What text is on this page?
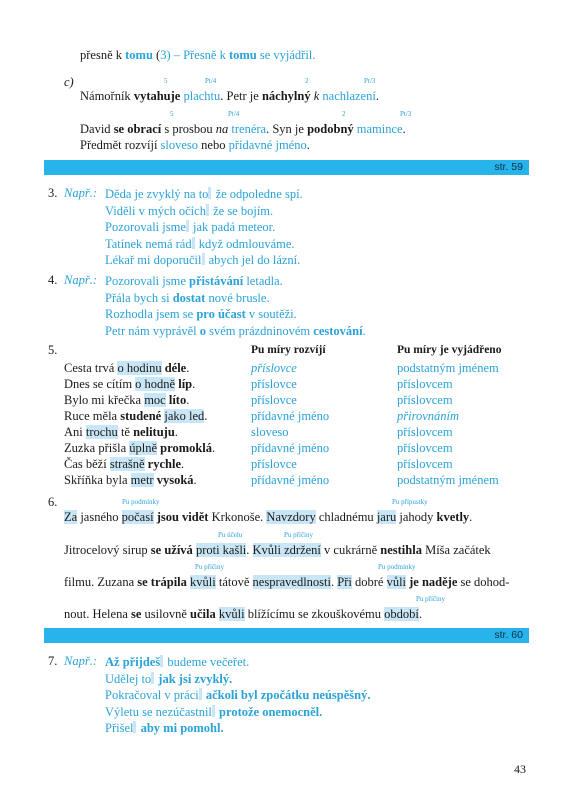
přesně k tomu (3) – Přesně k tomu se vyjádřil.
c)	5	Pt/4	2	Pt/3
Námořník vytahuje plachtu. Petr je náchylný k nachlazení.
5	Pt/4	2	Pt/3
David se obrací s prosbou na trenéra. Syn je podobný mamince.
Předmět rozvíjí sloveso nebo přídavné jméno.
str. 59
3. Např.: Děda je zvyklý na to že odpoledne spí.
Viděli v mých očích že se bojím.
Pozorovali jsme jak padá meteor.
Tatínek nemá rád když odmlouváme.
Lékař mi doporučil abych jel do lázní.
4. Např.: Pozorovali jsme přistávání letadla.
Přála bych si dostat nové brusle.
Rozhodla jsem se pro účast v soutěži.
Petr nám vyprávěl o svém prázdninovém cestování.
5.	Pu míry rozvíjí	Pu míry je vyjádřeno
Cesta trvá o hodinu déle.	příslovce	podstatným jménem
Dnes se cítím o hodně líp.	příslovce	příslovcem
Bylo mi křečka moc líto.	příslovce	příslovcem
Ruce měla studené jako led.	přídavné jméno	přirovnáním
Ani trochu tě nelituju.	sloveso	příslovcem
Zuzka přišla úplně promoklá.	přídavné jméno	příslovcem
Čas běží strašně rychle.	příslovce	příslovcem
Skříňka byla metr vysoká.	přídavné jméno	podstatným jménem
6.	Pu podmínky	Pu přípustky
Za jasného počasí jsou vidět Krkonoše. Navzdory chladnému jaru jahody kvetly.
Pu účelu	Pu příčiny
Jitrocelový sirup se užívá proti kašli. Kvůli zdržení v cukrárně nestihla Míša začátek
Pu příčiny	Pu podmínky
filmu. Zuzana se trápila kvůli tátově nespravedlnosti. Při dobré vůli je naděje se dohod-
Pu příčiny
nout. Helena se usilovně učila kvůli blížícímu se zkouškovému období.
str. 60
7. Např.: Až přijdeš budeme večeřet.
Udělej to jak jsi zvyklý.
Pokračoval v práci ačkoli byl zpočátku neúspěšný.
Výletu se nezúčastnil protože onemocněl.
Přišel aby mi pomohl.
43
